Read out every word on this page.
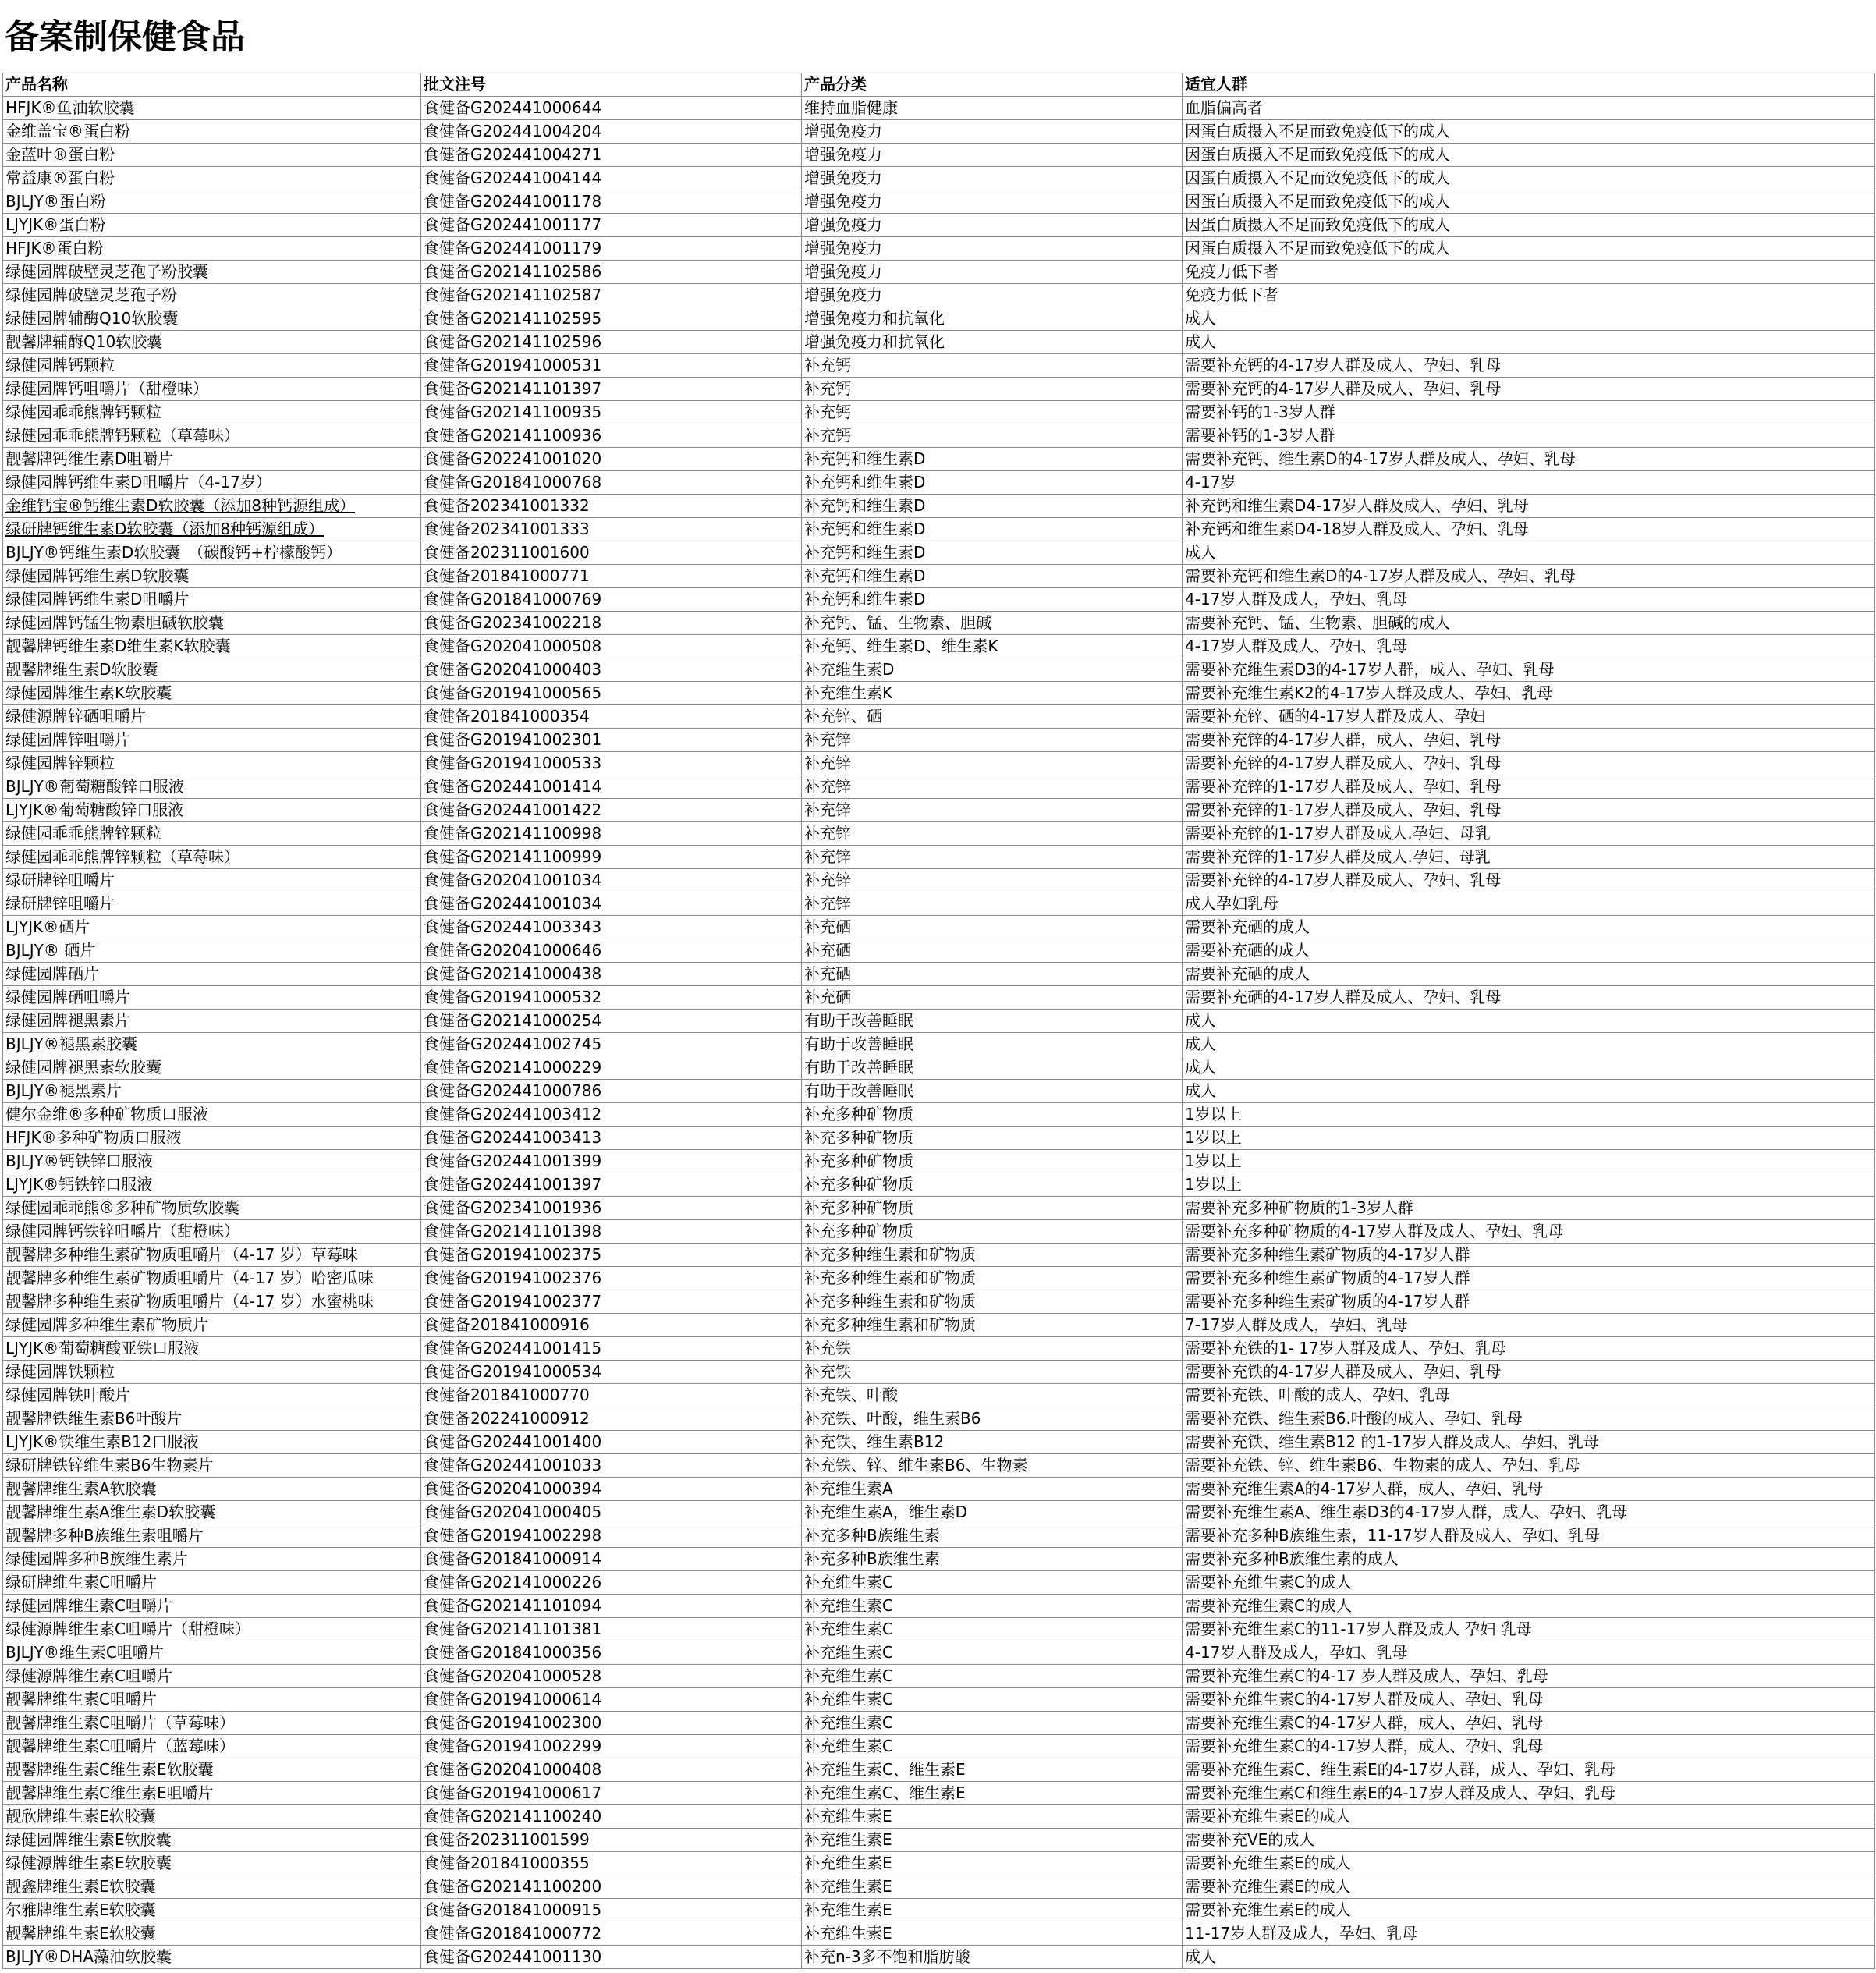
备案制保健食品
产品名称	批文注号	产品分类	适宜人群
HFJK®鱼油软胶囊	食健备G202441000644	维持血脂健康	血脂偏高者
金维盖宝®蛋白粉	食健备G202441004204	增强免疫力	因蛋白质摄入不足而致免疫低下的成人
金蓝叶®蛋白粉	食健备G202441004271	增强免疫力	因蛋白质摄入不足而致免疫低下的成人
常益康®蛋白粉	食健备G202441004144	增强免疫力	因蛋白质摄入不足而致免疫低下的成人
BJLJY®蛋白粉	食健备G202441001178	增强免疫力	因蛋白质摄入不足而致免疫低下的成人
LJYJK®蛋白粉	食健备G202441001177	增强免疫力	因蛋白质摄入不足而致免疫低下的成人
HFJK®蛋白粉	食健备G202441001179	增强免疫力	因蛋白质摄入不足而致免疫低下的成人
绿健园牌破壁灵芝孢子粉胶囊	食健备G202141102586	增强免疫力	免疫力低下者
绿健园牌破壁灵芝孢子粉	食健备G202141102587	增强免疫力	免疫力低下者
绿健园牌辅酶Q10软胶囊	食健备G202141102595	增强免疫力和抗氧化	成人
靓馨牌辅酶Q10软胶囊	食健备G202141102596	增强免疫力和抗氧化	成人
绿健园牌钙颗粒	食健备G201941000531	补充钙	需要补充钙的4-17岁人群及成人、孕妇、乳母
绿健园牌钙咀嚼片（甜橙味）	食健备G202141101397	补充钙	需要补充钙的4-17岁人群及成人、孕妇、乳母
绿健园乖乖熊牌钙颗粒	食健备G202141100935	补充钙	需要补钙的1-3岁人群
绿健园乖乖熊牌钙颗粒（草莓味）	食健备G202141100936	补充钙	需要补钙的1-3岁人群
靓馨牌钙维生素D咀嚼片	食健备G202241001020	补充钙和维生素D	需要补充钙、维生素D的4-17岁人群及成人、孕妇、乳母
绿健园牌钙维生素D咀嚼片（4-17岁）	食健备G201841000768	补充钙和维生素D	4-17岁
金维钙宝®钙维生素D软胶囊（添加8种钙源组成）	食健备202341001332	补充钙和维生素D	补充钙和维生素D4-17岁人群及成人、孕妇、乳母
绿研牌钙维生素D软胶囊（添加8种钙源组成）	食健备202341001333	补充钙和维生素D	补充钙和维生素D4-18岁人群及成人、孕妇、乳母
BJLJY®钙维生素D软胶囊　（碳酸钙+柠檬酸钙）	食健备202311001600	补充钙和维生素D	成人
绿健园牌钙维生素D软胶囊	食健备201841000771	补充钙和维生素D	需要补充钙和维生素D的4-17岁人群及成人、孕妇、乳母
绿健园牌钙维生素D咀嚼片	食健备G201841000769	补充钙和维生素D	4-17岁人群及成人，孕妇、乳母
绿健园牌钙锰生物素胆碱软胶囊	食健备G202341002218	补充钙、锰、生物素、胆碱	需要补充钙、锰、生物素、胆碱的成人
靓馨牌钙维生素D维生素K软胶囊	食健备G202041000508	补充钙、维生素D、维生素K	4-17岁人群及成人、孕妇、乳母
靓馨牌维生素D软胶囊	食健备G202041000403	补充维生素D	需要补充维生素D3的4-17岁人群，成人、孕妇、乳母
绿健园牌维生素K软胶囊	食健备G201941000565	补充维生素K	需要补充维生素K2的4-17岁人群及成人、孕妇、乳母
绿健源牌锌硒咀嚼片	食健备201841000354	补充锌、硒	需要补充锌、硒的4-17岁人群及成人、孕妇
绿健园牌锌咀嚼片	食健备G201941002301	补充锌	需要补充锌的4-17岁人群，成人、孕妇、乳母
绿健园牌锌颗粒	食健备G201941000533	补充锌	需要补充锌的4-17岁人群及成人、孕妇、乳母
BJLJY®葡萄糖酸锌口服液	食健备G202441001414	补充锌	需要补充锌的1-17岁人群及成人、孕妇、乳母
LJYJK®葡萄糖酸锌口服液	食健备G202441001422	补充锌	需要补充锌的1-17岁人群及成人、孕妇、乳母
绿健园乖乖熊牌锌颗粒	食健备G202141100998	补充锌	需要补充锌的1-17岁人群及成人.孕妇、母乳
绿健园乖乖熊牌锌颗粒（草莓味）	食健备G202141100999	补充锌	需要补充锌的1-17岁人群及成人.孕妇、母乳
绿研牌锌咀嚼片	食健备G202041001034	补充锌	需要补充锌的4-17岁人群及成人、孕妇、乳母
绿研牌锌咀嚼片	食健备G202441001034	补充锌	成人孕妇乳母
LJYJK®硒片	食健备G202441003343	补充硒	需要补充硒的成人
BJLJY® 硒片	食健备G202041000646	补充硒	需要补充硒的成人
绿健园牌硒片	食健备G202141000438	补充硒	需要补充硒的成人
绿健园牌硒咀嚼片	食健备G201941000532	补充硒	需要补充硒的4-17岁人群及成人、孕妇、乳母
绿健园牌褪黑素片	食健备G202141000254	有助于改善睡眠	成人
BJLJY®褪黑素胶囊	食健备G202441002745	有助于改善睡眠	成人
绿健园牌褪黑素软胶囊	食健备G202141000229	有助于改善睡眠	成人
BJLJY®褪黑素片	食健备G202441000786	有助于改善睡眠	成人
健尔金维®多种矿物质口服液	食健备G202441003412	补充多种矿物质	1岁以上
HFJK®多种矿物质口服液	食健备G202441003413	补充多种矿物质	1岁以上
BJLJY®钙铁锌口服液	食健备G202441001399	补充多种矿物质	1岁以上
LJYJK®钙铁锌口服液	食健备G202441001397	补充多种矿物质	1岁以上
绿健园乖乖熊®多种矿物质软胶囊	食健备G202341001936	补充多种矿物质	需要补充多种矿物质的1-3岁人群
绿健园牌钙铁锌咀嚼片（甜橙味）	食健备G202141101398	补充多种矿物质	需要补充多种矿物质的4-17岁人群及成人、孕妇、乳母
靓馨牌多种维生素矿物质咀嚼片（4-17 岁）草莓味	食健备G201941002375	补充多种维生素和矿物质	需要补充多种维生素矿物质的4-17岁人群
靓馨牌多种维生素矿物质咀嚼片（4-17 岁）哈密瓜味	食健备G201941002376	补充多种维生素和矿物质	需要补充多种维生素矿物质的4-17岁人群
靓馨牌多种维生素矿物质咀嚼片（4-17 岁）水蜜桃味	食健备G201941002377	补充多种维生素和矿物质	需要补充多种维生素矿物质的4-17岁人群
绿健园牌多种维生素矿物质片	食健备201841000916	补充多种维生素和矿物质	7-17岁人群及成人，孕妇、乳母
LJYJK®葡萄糖酸亚铁口服液	食健备G202441001415	补充铁	需要补充铁的1- 17岁人群及成人、孕妇、乳母
绿健园牌铁颗粒	食健备G201941000534	补充铁	需要补充铁的4-17岁人群及成人、孕妇、乳母
绿健园牌铁叶酸片	食健备201841000770	补充铁、叶酸	需要补充铁、叶酸的成人、孕妇、乳母
靓馨牌铁维生素B6叶酸片	食健备202241000912	补充铁、叶酸，维生素B6	需要补充铁、维生素B6.叶酸的成人、孕妇、乳母
LJYJK®铁维生素B12口服液	食健备G202441001400	补充铁、维生素B12	需要补充铁、维生素B12 的1-17岁人群及成人、孕妇、乳母
绿研牌铁锌维生素B6生物素片	食健备G202441001033	补充铁、锌、维生素B6、生物素	需要补充铁、锌、维生素B6、生物素的成人、孕妇、乳母
靓馨牌维生素A软胶囊	食健备G202041000394	补充维生素A	需要补充维生素A的4-17岁人群，成人、孕妇、乳母
靓馨牌维生素A维生素D软胶囊	食健备G202041000405	补充维生素A，维生素D	需要补充维生素A、维生素D3的4-17岁人群，成人、孕妇、乳母
靓馨牌多种B族维生素咀嚼片	食健备G201941002298	补充多种B族维生素	需要补充多种B族维生素，11-17岁人群及成人、孕妇、乳母
绿健园牌多种B族维生素片	食健备G201841000914	补充多种B族维生素	需要补充多种B族维生素的成人
绿研牌维生素C咀嚼片	食健备G202141000226	补充维生素C	需要补充维生素C的成人
绿健园牌维生素C咀嚼片	食健备G202141101094	补充维生素C	需要补充维生素C的成人
绿健源牌维生素C咀嚼片（甜橙味）	食健备G202141101381	补充维生素C	需要补充维生素C的11-17岁人群及成人 孕妇 乳母
BJLJY®维生素C咀嚼片	食健备G201841000356	补充维生素C	4-17岁人群及成人，孕妇、乳母
绿健源牌维生素C咀嚼片	食健备G202041000528	补充维生素C	需要补充维生素C的4-17 岁人群及成人、孕妇、乳母
靓馨牌维生素C咀嚼片	食健备G201941000614	补充维生素C	需要补充维生素C的4-17岁人群及成人、孕妇、乳母
靓馨牌维生素C咀嚼片（草莓味）	食健备G201941002300	补充维生素C	需要补充维生素C的4-17岁人群，成人、孕妇、乳母
靓馨牌维生素C咀嚼片（蓝莓味）	食健备G201941002299	补充维生素C	需要补充维生素C的4-17岁人群，成人、孕妇、乳母
靓馨牌维生素C维生素E软胶囊	食健备G202041000408	补充维生素C、维生素E	需要补充维生素C、维生素E的4-17岁人群，成人、孕妇、乳母
靓馨牌维生素C维生素E咀嚼片	食健备G201941000617	补充维生素C、维生素E	需要补充维生素C和维生素E的4-17岁人群及成人、孕妇、乳母
靓欣牌维生素E软胶囊	食健备G202141100240	补充维生素E	需要补充维生素E的成人
绿健园牌维生素E软胶囊	食健备202311001599	补充维生素E	需要补充VE的成人
绿健源牌维生素E软胶囊	食健备201841000355	补充维生素E	需要补充维生素E的成人
靓鑫牌维生素E软胶囊	食健备G202141100200	补充维生素E	需要补充维生素E的成人
尔雅牌维生素E软胶囊	食健备G201841000915	补充维生素E	需要补充维生素E的成人
靓馨牌维生素E软胶囊	食健备G201841000772	补充维生素E	11-17岁人群及成人，孕妇、乳母
BJLJY®DHA藻油软胶囊	食健备G202441001130	补充n-3多不饱和脂肪酸	成人
